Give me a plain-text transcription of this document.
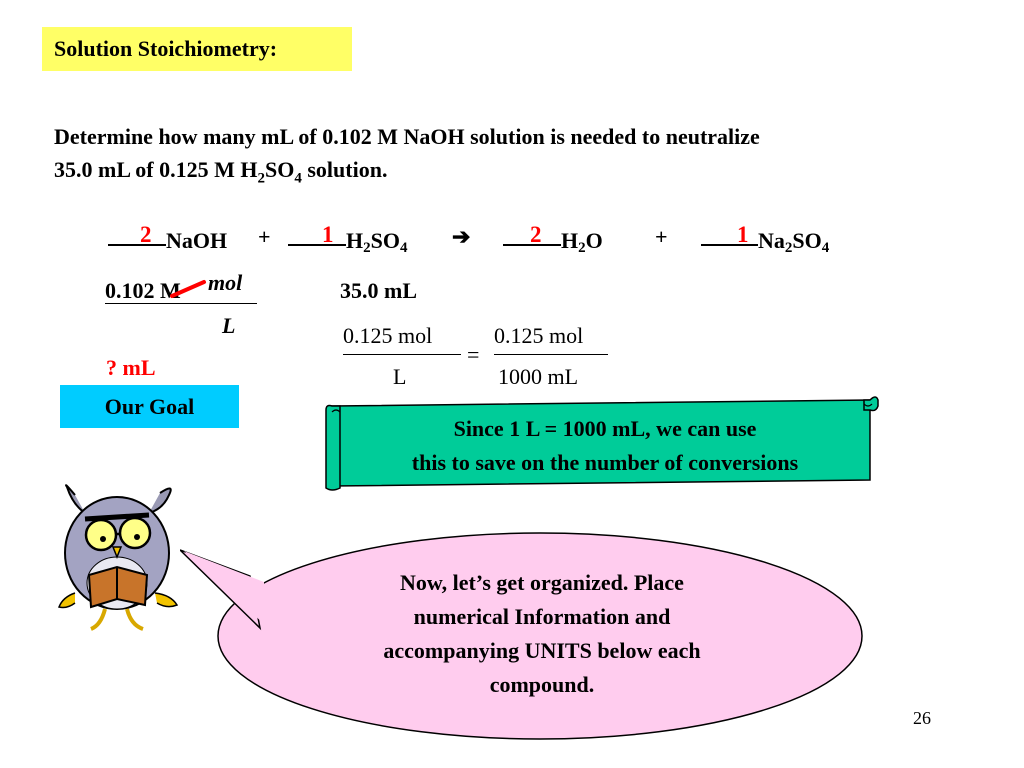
Solution Stoichiometry:
Determine how many mL of 0.102 M NaOH solution is needed to neutralize
35.0 mL of 0.125 M $H_2SO_4$ solution.
NaOH
2	+	$H_2SO_4$
1	➔	$H_2O$
2	+	$Na_2SO_4$
1
0.102 M mol
L
? mL
35.0 mL
0.125 mol
L
=
0.125 mol
1000 mL
Our Goal
Since 1 L = 1000 mL, we can use
this to save on the number of conversions
Now, let’s get organized. Place
numerical Information and
accompanying UNITS below each
compound.
26
